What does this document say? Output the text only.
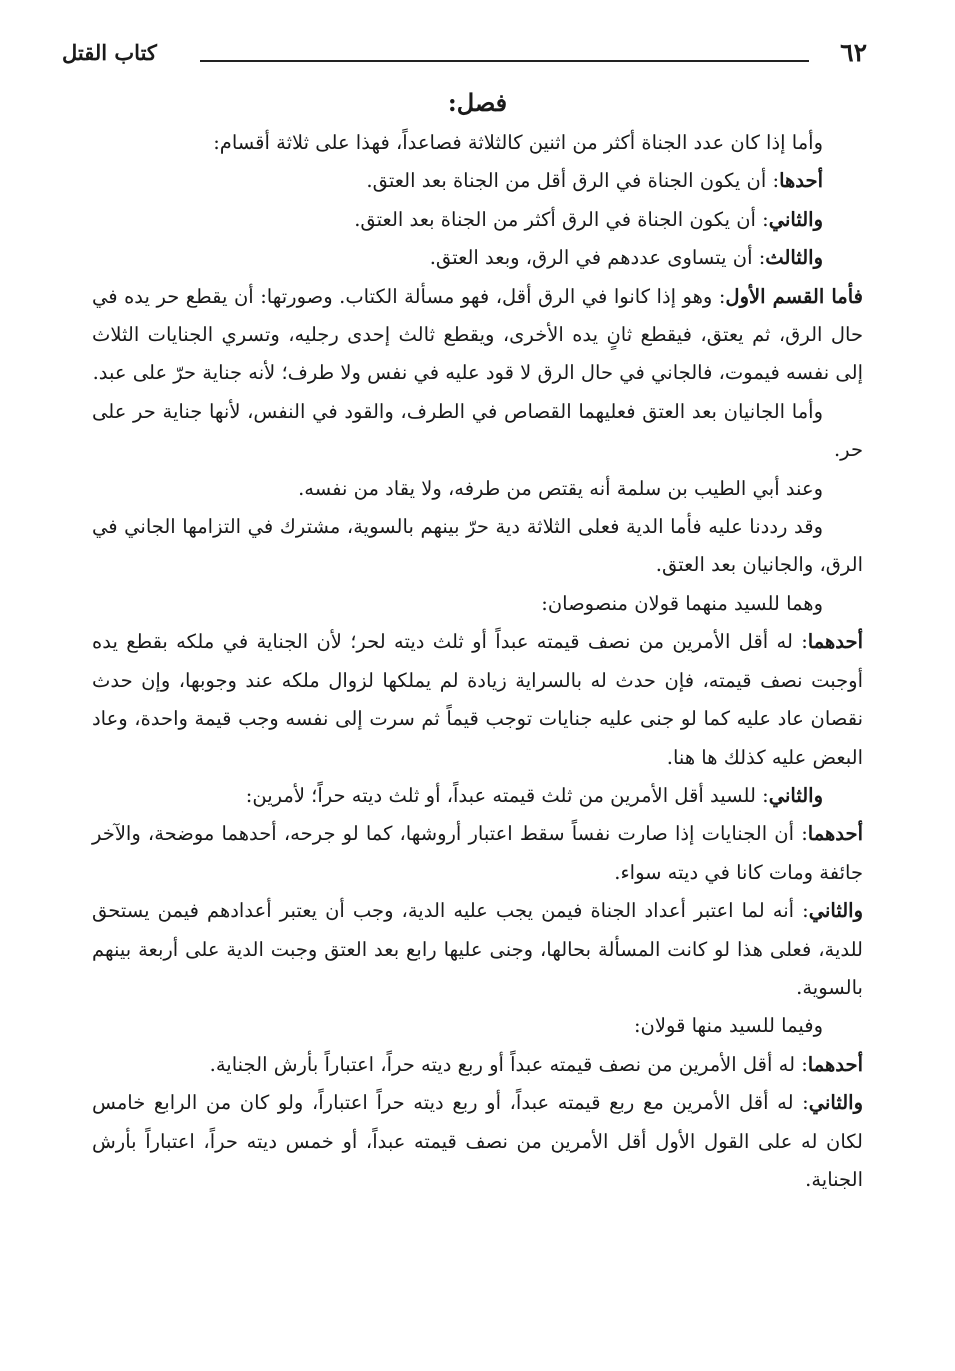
٦٢
كتاب القتل
فصل:

وأما إذا كان عدد الجناة أكثر من اثنين كالثلاثة فصاعداً، فهذا على ثلاثة أقسام:

أحدها: أن يكون الجناة في الرق أقل من الجناة بعد العتق.

والثاني: أن يكون الجناة في الرق أكثر من الجناة بعد العتق.

والثالث: أن يتساوى عددهم في الرق، وبعد العتق.

فأما القسم الأول: وهو إذا كانوا في الرق أقل، فهو مسألة الكتاب. وصورتها: أن يقطع حر يده في حال الرق، ثم يعتق، فيقطع ثانٍ يده الأخرى، ويقطع ثالث إحدى رجليه، وتسري الجنايات الثلاث إلى نفسه فيموت، فالجاني في حال الرق لا قود عليه في نفس ولا طرف؛ لأنه جناية حرّ على عبد.

وأما الجانيان بعد العتق فعليهما القصاص في الطرف، والقود في النفس، لأنها جناية حر على حر.

وعند أبي الطيب بن سلمة أنه يقتص من طرفه، ولا يقاد من نفسه.

وقد رددنا عليه فأما الدية فعلى الثلاثة دية حرّ بينهم بالسوية، مشترك في التزامها الجاني في الرق، والجانيان بعد العتق.

وهما للسيد منهما قولان منصوصان:

أحدهما: له أقل الأمرين من نصف قيمته عبداً أو ثلث ديته لحر؛ لأن الجناية في ملكه بقطع يده أوجبت نصف قيمته، فإن حدث له بالسراية زيادة لم يملكها لزوال ملكه عند وجوبها، وإن حدث نقصان عاد عليه كما لو جنى عليه جنايات توجب قيماً ثم سرت إلى نفسه وجب قيمة واحدة، وعاد البعض عليه كذلك ها هنا.

والثاني: للسيد أقل الأمرين من ثلث قيمته عبداً، أو ثلث ديته حراً؛ لأمرين:

أحدهما: أن الجنايات إذا صارت نفساً سقط اعتبار أروشها، كما لو جرحه، أحدهما موضحة، والآخر جائفة ومات كانا في ديته سواء.

والثاني: أنه لما اعتبر أعداد الجناة فيمن يجب عليه الدية، وجب أن يعتبر أعدادهم فيمن يستحق للدية، فعلى هذا لو كانت المسألة بحالها، وجنى عليها رابع بعد العتق وجبت الدية على أربعة بينهم بالسوية.

وفيما للسيد منها قولان:

أحدهما: له أقل الأمرين من نصف قيمته عبداً أو ربع ديته حراً، اعتباراً بأرش الجناية.

والثاني: له أقل الأمرين مع ربع قيمته عبداً، أو ربع ديته حراً اعتباراً، ولو كان من الرابع خامس لكان له على القول الأول أقل الأمرين من نصف قيمته عبداً، أو خمس ديته حراً، اعتباراً بأرش الجناية.
